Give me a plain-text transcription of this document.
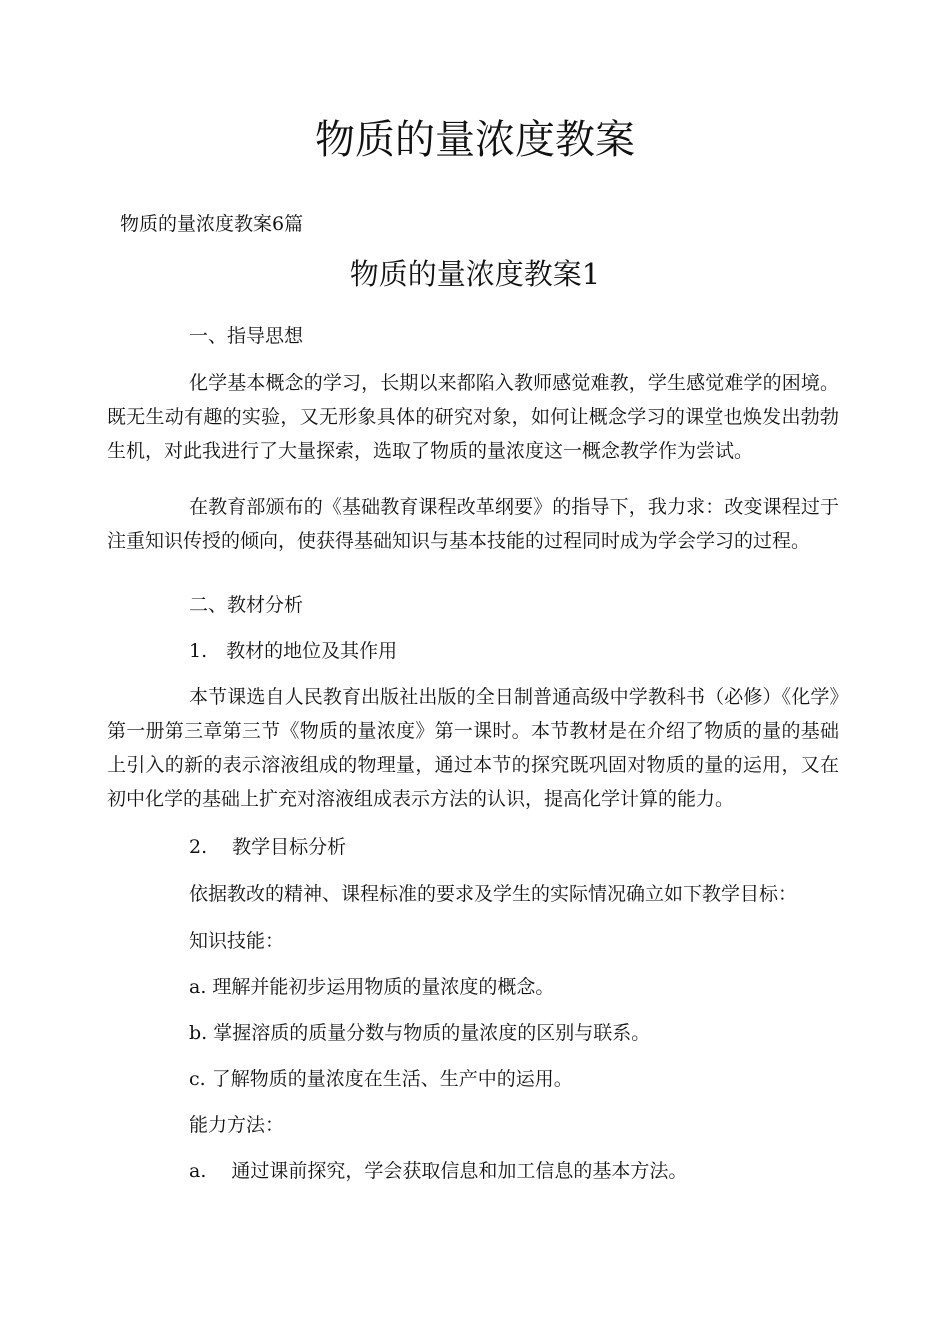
物质的量浓度教案

物质的量浓度教案6篇

物质的量浓度教案1

一、指导思想

化学基本概念的学习，长期以来都陷入教师感觉难教，学生感觉难学的困境。既无生动有趣的实验，又无形象具体的研究对象，如何让概念学习的课堂也焕发出勃勃生机，对此我进行了大量探索，选取了物质的量浓度这一概念教学作为尝试。

在教育部颁布的《基础教育课程改革纲要》的指导下，我力求：改变课程过于注重知识传授的倾向，使获得基础知识与基本技能的过程同时成为学会学习的过程。

二、教材分析

1.　教材的地位及其作用

本节课选自人民教育出版社出版的全日制普通高级中学教科书（必修）《化学》第一册第三章第三节《物质的量浓度》第一课时。本节教材是在介绍了物质的量的基础上引入的新的表示溶液组成的物理量，通过本节的探究既巩固对物质的量的运用，又在初中化学的基础上扩充对溶液组成表示方法的认识，提高化学计算的能力。

2.　 教学目标分析

依据教改的精神、课程标准的要求及学生的实际情况确立如下教学目标：

知识技能：

a. 理解并能初步运用物质的量浓度的概念。

b. 掌握溶质的质量分数与物质的量浓度的区别与联系。

c. 了解物质的量浓度在生活、生产中的运用。

能力方法：

a.　 通过课前探究，学会获取信息和加工信息的基本方法。
